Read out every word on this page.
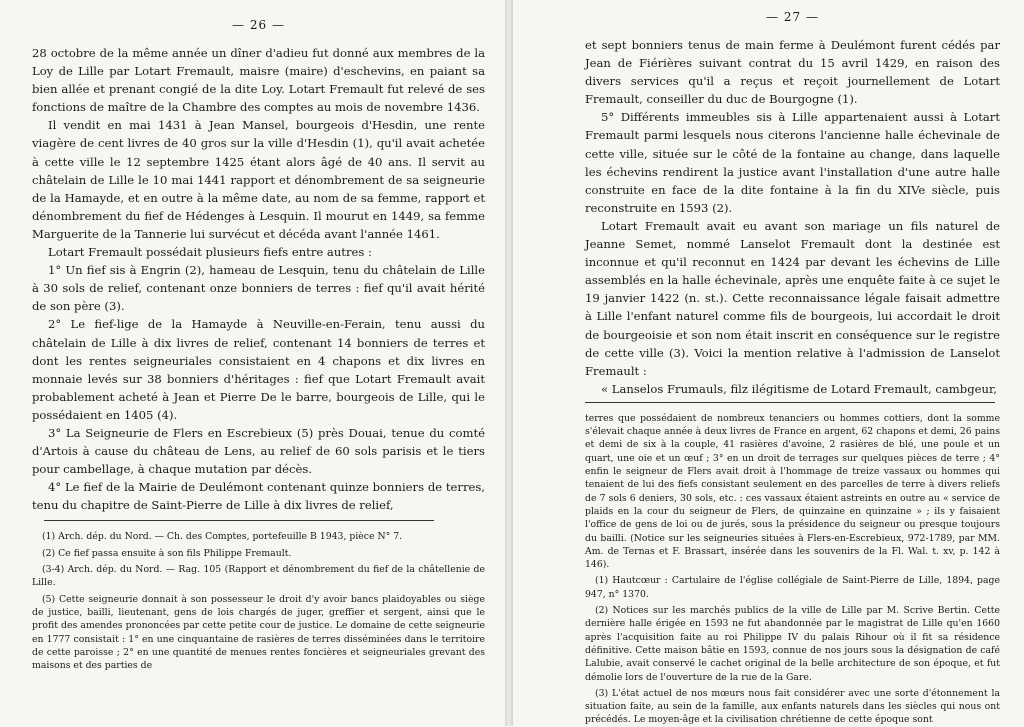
— 26 —

28 octobre de la même année un dîner d'adieu fut donné aux membres de la Loy de Lille par Lotart Fremault, maisre (maire) d'eschevins, en paiant sa bien allée et prenant congié de la dite Loy. Lotart Fremault fut relevé de ses fonctions de maître de la Chambre des comptes au mois de novembre 1436.

Il vendit en mai 1431 à Jean Mansel, bourgeois d'Hesdin, une rente viagère de cent livres de 40 gros sur la ville d'Hesdin (1), qu'il avait achetée à cette ville le 12 septembre 1425 étant alors âgé de 40 ans. Il servit au châtelain de Lille le 10 mai 1441 rapport et dénombrement de sa seigneurie de la Hamayde, et en outre à la même date, au nom de sa femme, rapport et dénombrement du fief de Hédenges à Lesquin. Il mourut en 1449, sa femme Marguerite de la Tannerie lui survécut et décéda avant l'année 1461.

Lotart Fremault possédait plusieurs fiefs entre autres :

1° Un fief sis à Engrin (2), hameau de Lesquin, tenu du châtelain de Lille à 30 sols de relief, contenant onze bonniers de terres : fief qu'il avait hérité de son père (3).

2° Le fief-lige de la Hamayde à Neuville-en-Ferain, tenu aussi du châtelain de Lille à dix livres de relief, contenant 14 bonniers de terres et dont les rentes seigneuriales consistaient en 4 chapons et dix livres en monnaie levés sur 38 bonniers d'héritages : fief que Lotart Fremault avait probablement acheté à Jean et Pierre De le barre, bourgeois de Lille, qui le possédaient en 1405 (4).

3° La Seigneurie de Flers en Escrebieux (5) près Douai, tenue du comté d'Artois à cause du château de Lens, au relief de 60 sols parisis et le tiers pour cambellage, à chaque mutation par décès.

4° Le fief de la Mairie de Deulémont contenant quinze bonniers de terres, tenu du chapitre de Saint-Pierre de Lille à dix livres de relief,

(1) Arch. dép. du Nord. — Ch. des Comptes, portefeuille B 1943, pièce N° 7.

(2) Ce fief passa ensuite à son fils Philippe Fremault.

(3-4) Arch. dép. du Nord. — Rag. 105 (Rapport et dénombrement du fief de la châtellenie de Lille.

(5) Cette seigneurie donnait à son possesseur le droit d'y avoir bancs plaidoyables ou siège de justice, bailli, lieutenant, gens de lois chargés de juger, greffier et sergent, ainsi que le profit des amendes prononcées par cette petite cour de justice. Le domaine de cette seigneurie en 1777 consistait : 1° en une cinquantaine de rasières de terres disséminées dans le territoire de cette paroisse ; 2° en une quantité de menues rentes foncières et seigneuriales grevant des maisons et des parties de

— 27 —

et sept bonniers tenus de main ferme à Deulémont furent cédés par Jean de Fiérières suivant contrat du 15 avril 1429, en raison des divers services qu'il a reçus et reçoit journellement de Lotart Fremault, conseiller du duc de Bourgogne (1).

5° Différents immeubles sis à Lille appartenaient aussi à Lotart Fremault parmi lesquels nous citerons l'ancienne halle échevinale de cette ville, située sur le côté de la fontaine au change, dans laquelle les échevins rendirent la justice avant l'installation d'une autre halle construite en face de la dite fontaine à la fin du XIVe siècle, puis reconstruite en 1593 (2).

Lotart Fremault avait eu avant son mariage un fils naturel de Jeanne Semet, nommé Lanselot Fremault dont la destinée est inconnue et qu'il reconnut en 1424 par devant les échevins de Lille assemblés en la halle échevinale, après une enquête faite à ce sujet le 19 janvier 1422 (n. st.). Cette reconnaissance légale faisait admettre à Lille l'enfant naturel comme fils de bourgeois, lui accordait le droit de bourgeoisie et son nom était inscrit en conséquence sur le registre de cette ville (3). Voici la mention relative à l'admission de Lanselot Fremault :

« Lanselos Frumauls, filz ilégitisme de Lotard Fremault, cambgeur,

terres que possédaient de nombreux tenanciers ou hommes cottiers, dont la somme s'élevait chaque année à deux livres de France en argent, 62 chapons et demi, 26 pains et demi de six à la couple, 41 rasières d'avoine, 2 rasières de blé, une poule et un quart, une oie et un œuf ; 3° en un droit de terrages sur quelques pièces de terre ; 4° enfin le seigneur de Flers avait droit à l'hommage de treize vassaux ou hommes qui tenaient de lui des fiefs consistant seulement en des parcelles de terre à divers reliefs de 7 sols 6 deniers, 30 sols, etc. : ces vassaux étaient astreints en outre au « service de plaids en la cour du seigneur de Flers, de quinzaine en quinzaine » ; ils y faisaient l'office de gens de loi ou de jurés, sous la présidence du seigneur ou presque toujours du bailli. (Notice sur les seigneuries situées à Flers-en-Escrebieux, 972-1789, par MM. Am. de Ternas et F. Brassart, insérée dans les souvenirs de la Fl. Wal. t. xv, p. 142 à 146).

(1) Hautcœur : Cartulaire de l'église collégiale de Saint-Pierre de Lille, 1894, page 947, n° 1370.

(2) Notices sur les marchés publics de la ville de Lille par M. Scrive Bertin. Cette dernière halle érigée en 1593 ne fut abandonnée par le magistrat de Lille qu'en 1660 après l'acquisition faite au roi Philippe IV du palais Rihour où il fit sa résidence définitive. Cette maison bâtie en 1593, connue de nos jours sous la désignation de café Lalubie, avait conservé le cachet original de la belle architecture de son époque, et fut démolie lors de l'ouverture de la rue de la Gare.

(3) L'état actuel de nos mœurs nous fait considérer avec une sorte d'étonnement la situation faite, au sein de la famille, aux enfants naturels dans les siècles qui nous ont précédés. Le moyen-âge et la civilisation chrétienne de cette époque sont
